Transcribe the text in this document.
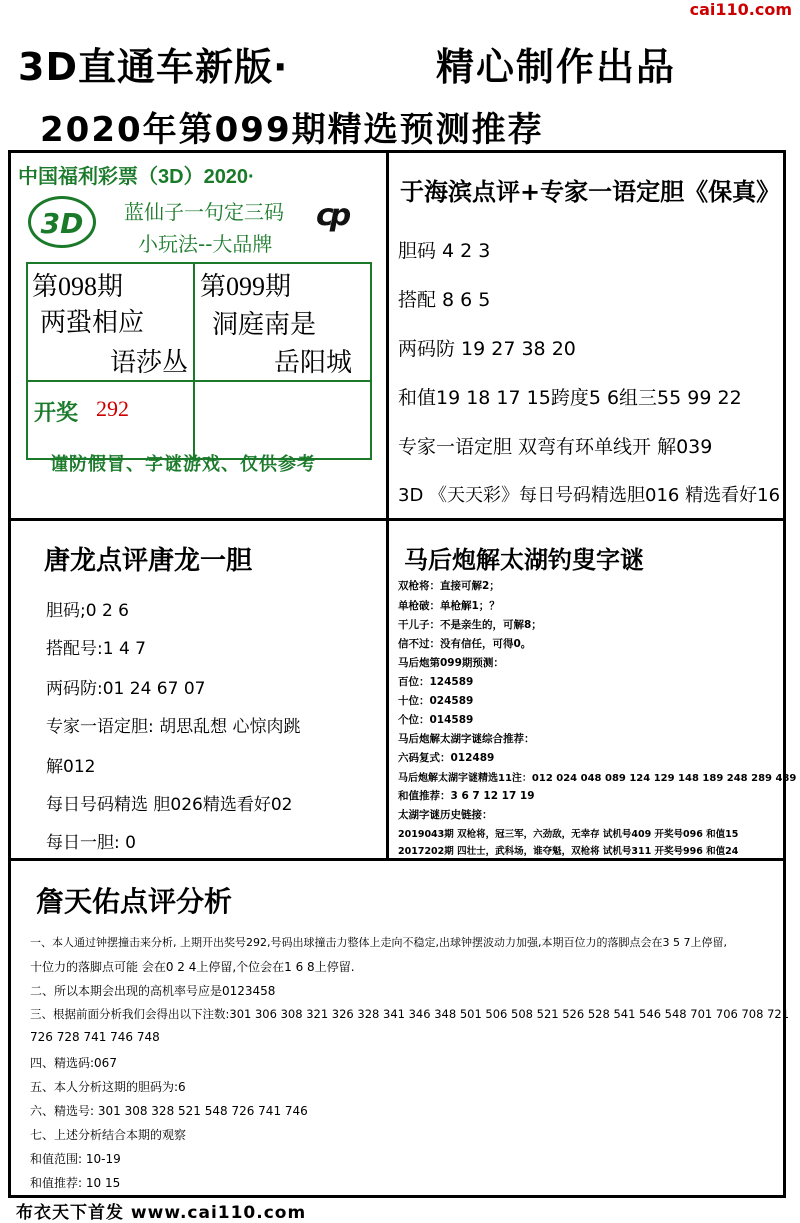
cai110.com
3D直通车新版·	精心制作出品
2020年第099期精选预测推荐
中国福利彩票（3D）2020·
3D	蓝仙子一句定三码
小玩法--大品牌
cp
第098期
两蛩相应
语莎丛
第099期
洞庭南是
岳阳城
开奖 292
谨防假冒、字谜游戏、仅供参考
于海滨点评+专家一语定胆《保真》
胆码 4 2 3
搭配 8 6 5
两码防 19 27 38 20
和值19 18 17 15跨度5 6组三55 99 22
专家一语定胆 双弯有环单线开 解039
3D 《天天彩》每日号码精选胆016 精选看好16
唐龙点评唐龙一胆
胆码;0 2 6
搭配号:1 4 7
两码防:01 24 67 07
专家一语定胆: 胡思乱想 心惊肉跳
解012
每日号码精选 胆026精选看好02
每日一胆: 0
马后炮解太湖钓叟字谜
双枪将：直接可解2；
单枪破：单枪解1；？
干儿子：不是亲生的，可解8；
信不过：没有信任，可得0。
马后炮第099期预测：
百位：124589
十位：024589
个位：014589
马后炮解太湖字谜综合推荐：
六码复式：012489
马后炮解太湖字谜精选11注：012 024 048 089 124 129 148 189 248 289 489
和值推荐：3 6 7 12 17 19
太湖字谜历史链接：
2019043期 双枪将，冠三军，六劲敌，无幸存 试机号409 开奖号096 和值15
2017202期 四壮士，武科场，谁夺魁，双枪将 试机号311 开奖号996 和值24
詹天佑点评分析
一、本人通过钟摆撞击来分析, 上期开出奖号292,号码出球撞击力整体上走向不稳定,出球钟摆波动力加强,本期百位力的落脚点会在3 5 7上停留,
十位力的落脚点可能 会在0 2 4上停留,个位会在1 6 8上停留.
二、所以本期会出现的高机率号应是0123458
三、根据前面分析我们会得出以下注数:301 306 308 321 326 328 341 346 348 501 506 508 521 526 528 541 546 548 701 706 708 721
726 728 741 746 748
四、精选码:067
五、本人分析这期的胆码为:6
六、精选号: 301 308 328 521 548 726 741 746
七、上述分析结合本期的观察
和值范围: 10-19
和值推荐: 10 15
布衣天下首发 www.cai110.com
